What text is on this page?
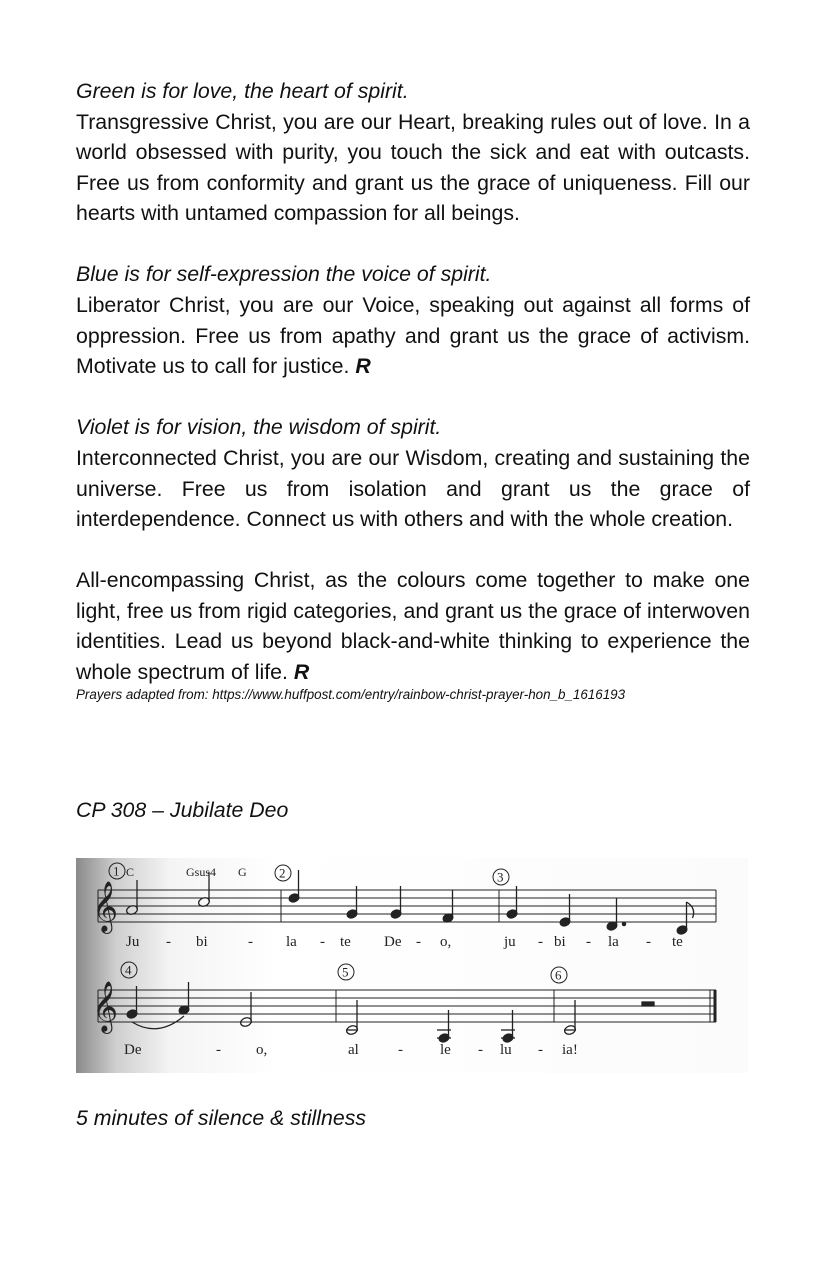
Green is for love, the heart of spirit.

Transgressive Christ, you are our Heart, breaking rules out of love. In a world obsessed with purity, you touch the sick and eat with outcasts. Free us from conformity and grant us the grace of uniqueness. Fill our hearts with untamed compassion for all beings.

Blue is for self-expression the voice of spirit.

Liberator Christ, you are our Voice, speaking out against all forms of oppression. Free us from apathy and grant us the grace of activism. Motivate us to call for justice. R

Violet is for vision, the wisdom of spirit.

Interconnected Christ, you are our Wisdom, creating and sustaining the universe. Free us from isolation and grant us the grace of interdependence. Connect us with others and with the whole creation.

All-encompassing Christ, as the colours come together to make one light, free us from rigid categories, and grant us the grace of interwoven identities. Lead us beyond black-and-white thinking to experience the whole spectrum of life. R

Prayers adapted from: https://www.huffpost.com/entry/rainbow-christ-prayer-hon_b_1616193

CP 308 – Jubilate Deo

𝄞
C	Gsus4 G
1	2	3
4	5	6
Ju - bi	- la - te De - o,	ju - bi - la - te
𝄞
De	- o,	al	- le - lu - ia!

5 minutes of silence & stillness
